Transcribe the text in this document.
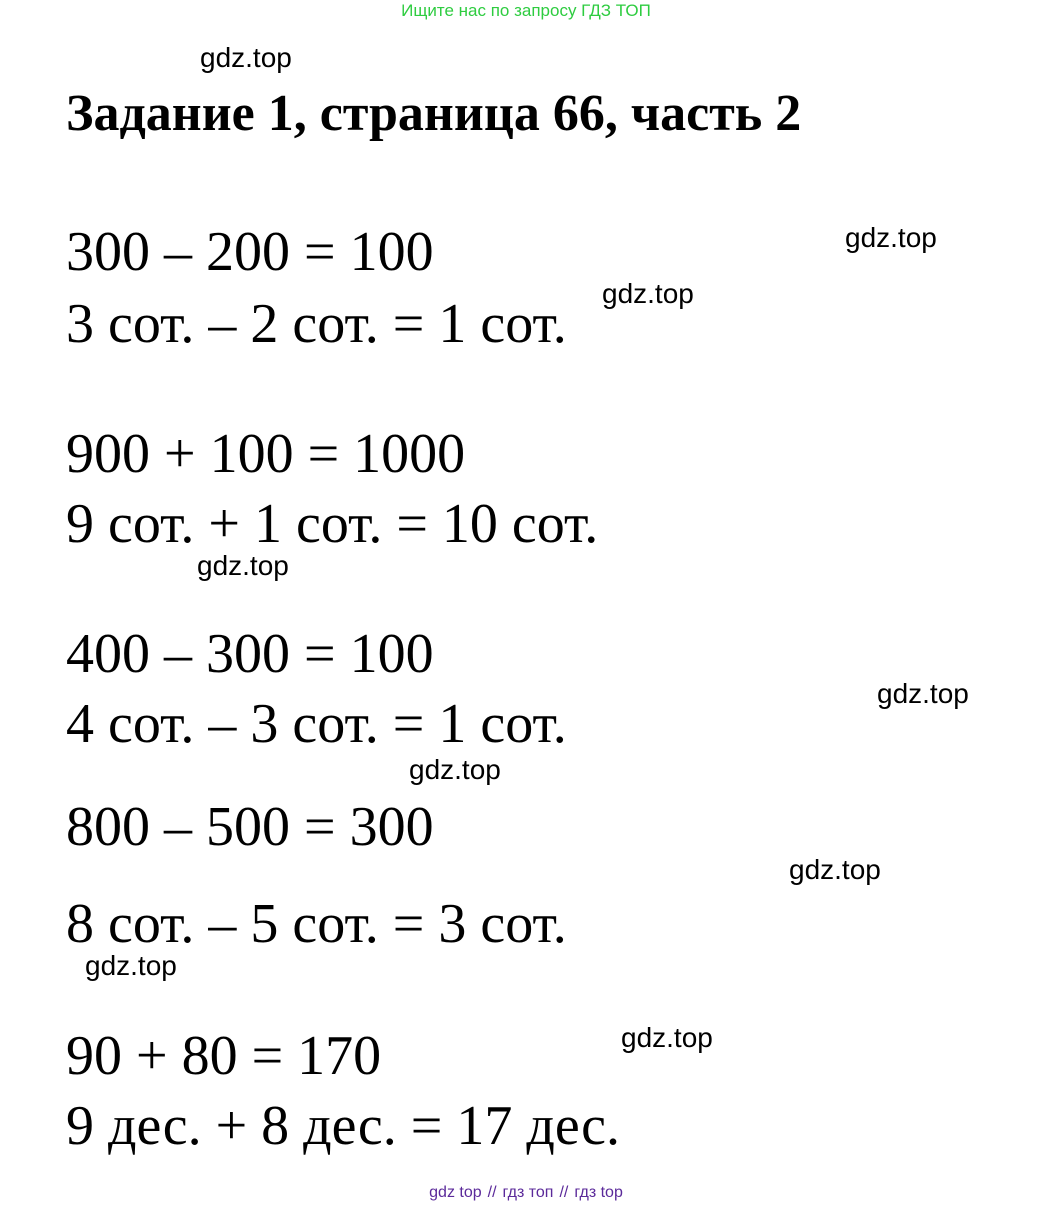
Ищите нас по запросу ГДЗ ТОП
gdz.top
Задание 1, страница 66, часть 2
300 – 200 = 100
3 сот. – 2 сот. = 1 сот.
gdz.top
gdz.top
900 + 100 = 1000
9 сот. + 1 сот. = 10 сот.
gdz.top
400 – 300 = 100
4 сот. – 3 сот. = 1 сот.	gdz.top
gdz.top
800 – 500 = 300
8 сот. – 5 сот. = 3 сот.
gdz.top
gdz.top
90 + 80 = 170
9 дес. + 8 дес. = 17 дес.
gdz.top
gdz top // гдз топ // гдз top
